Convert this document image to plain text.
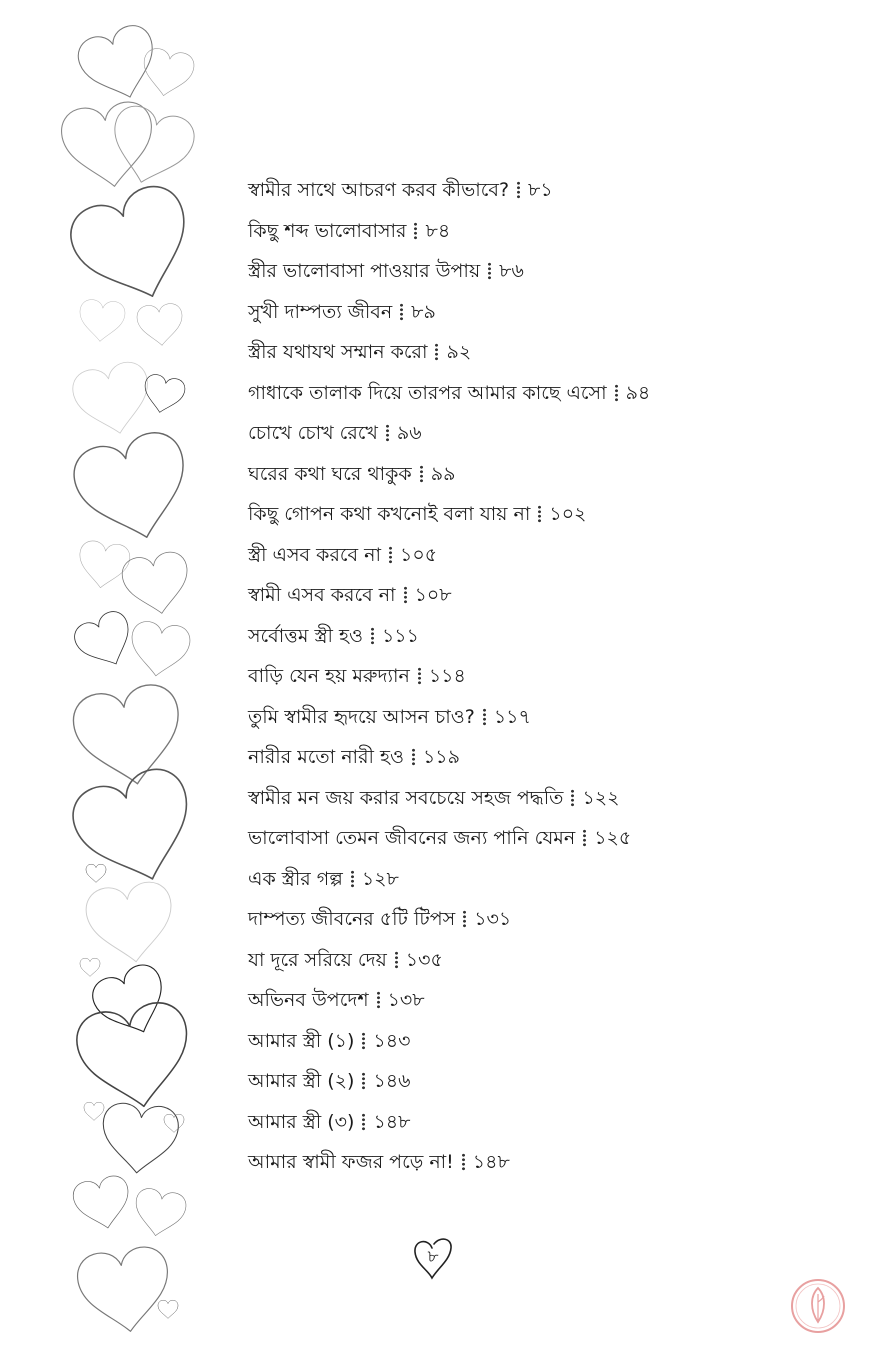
স্বামীর সাথে আচরণ করব কীভাবে? ৮১
কিছু শব্দ ভালোবাসার ৮৪
স্ত্রীর ভালোবাসা পাওয়ার উপায় ৮৬
সুখী দাম্পত্য জীবন ৮৯
স্ত্রীর যথাযথ সম্মান করো ৯২
গাধাকে তালাক দিয়ে তারপর আমার কাছে এসো ৯৪
চোখে চোখ রেখে ৯৬
ঘরের কথা ঘরে থাকুক ৯৯
কিছু গোপন কথা কখনোই বলা যায় না ১০২
স্ত্রী এসব করবে না ১০৫
স্বামী এসব করবে না ১০৮
সর্বোত্তম স্ত্রী হও ১১১
বাড়ি যেন হয় মরুদ্যান ১১৪
তুমি স্বামীর হৃদয়ে আসন চাও? ১১৭
নারীর মতো নারী হও ১১৯
স্বামীর মন জয় করার সবচেয়ে সহজ পদ্ধতি ১২২
ভালোবাসা তেমন জীবনের জন্য পানি যেমন ১২৫
এক স্ত্রীর গল্প ১২৮
দাম্পত্য জীবনের ৫টি টিপস ১৩১
যা দূরে সরিয়ে দেয় ১৩৫
অভিনব উপদেশ ১৩৮
আমার স্ত্রী (১) ১৪৩
আমার স্ত্রী (২) ১৪৬
আমার স্ত্রী (৩) ১৪৮
আমার স্বামী ফজর পড়ে না! ১৪৮
৮
